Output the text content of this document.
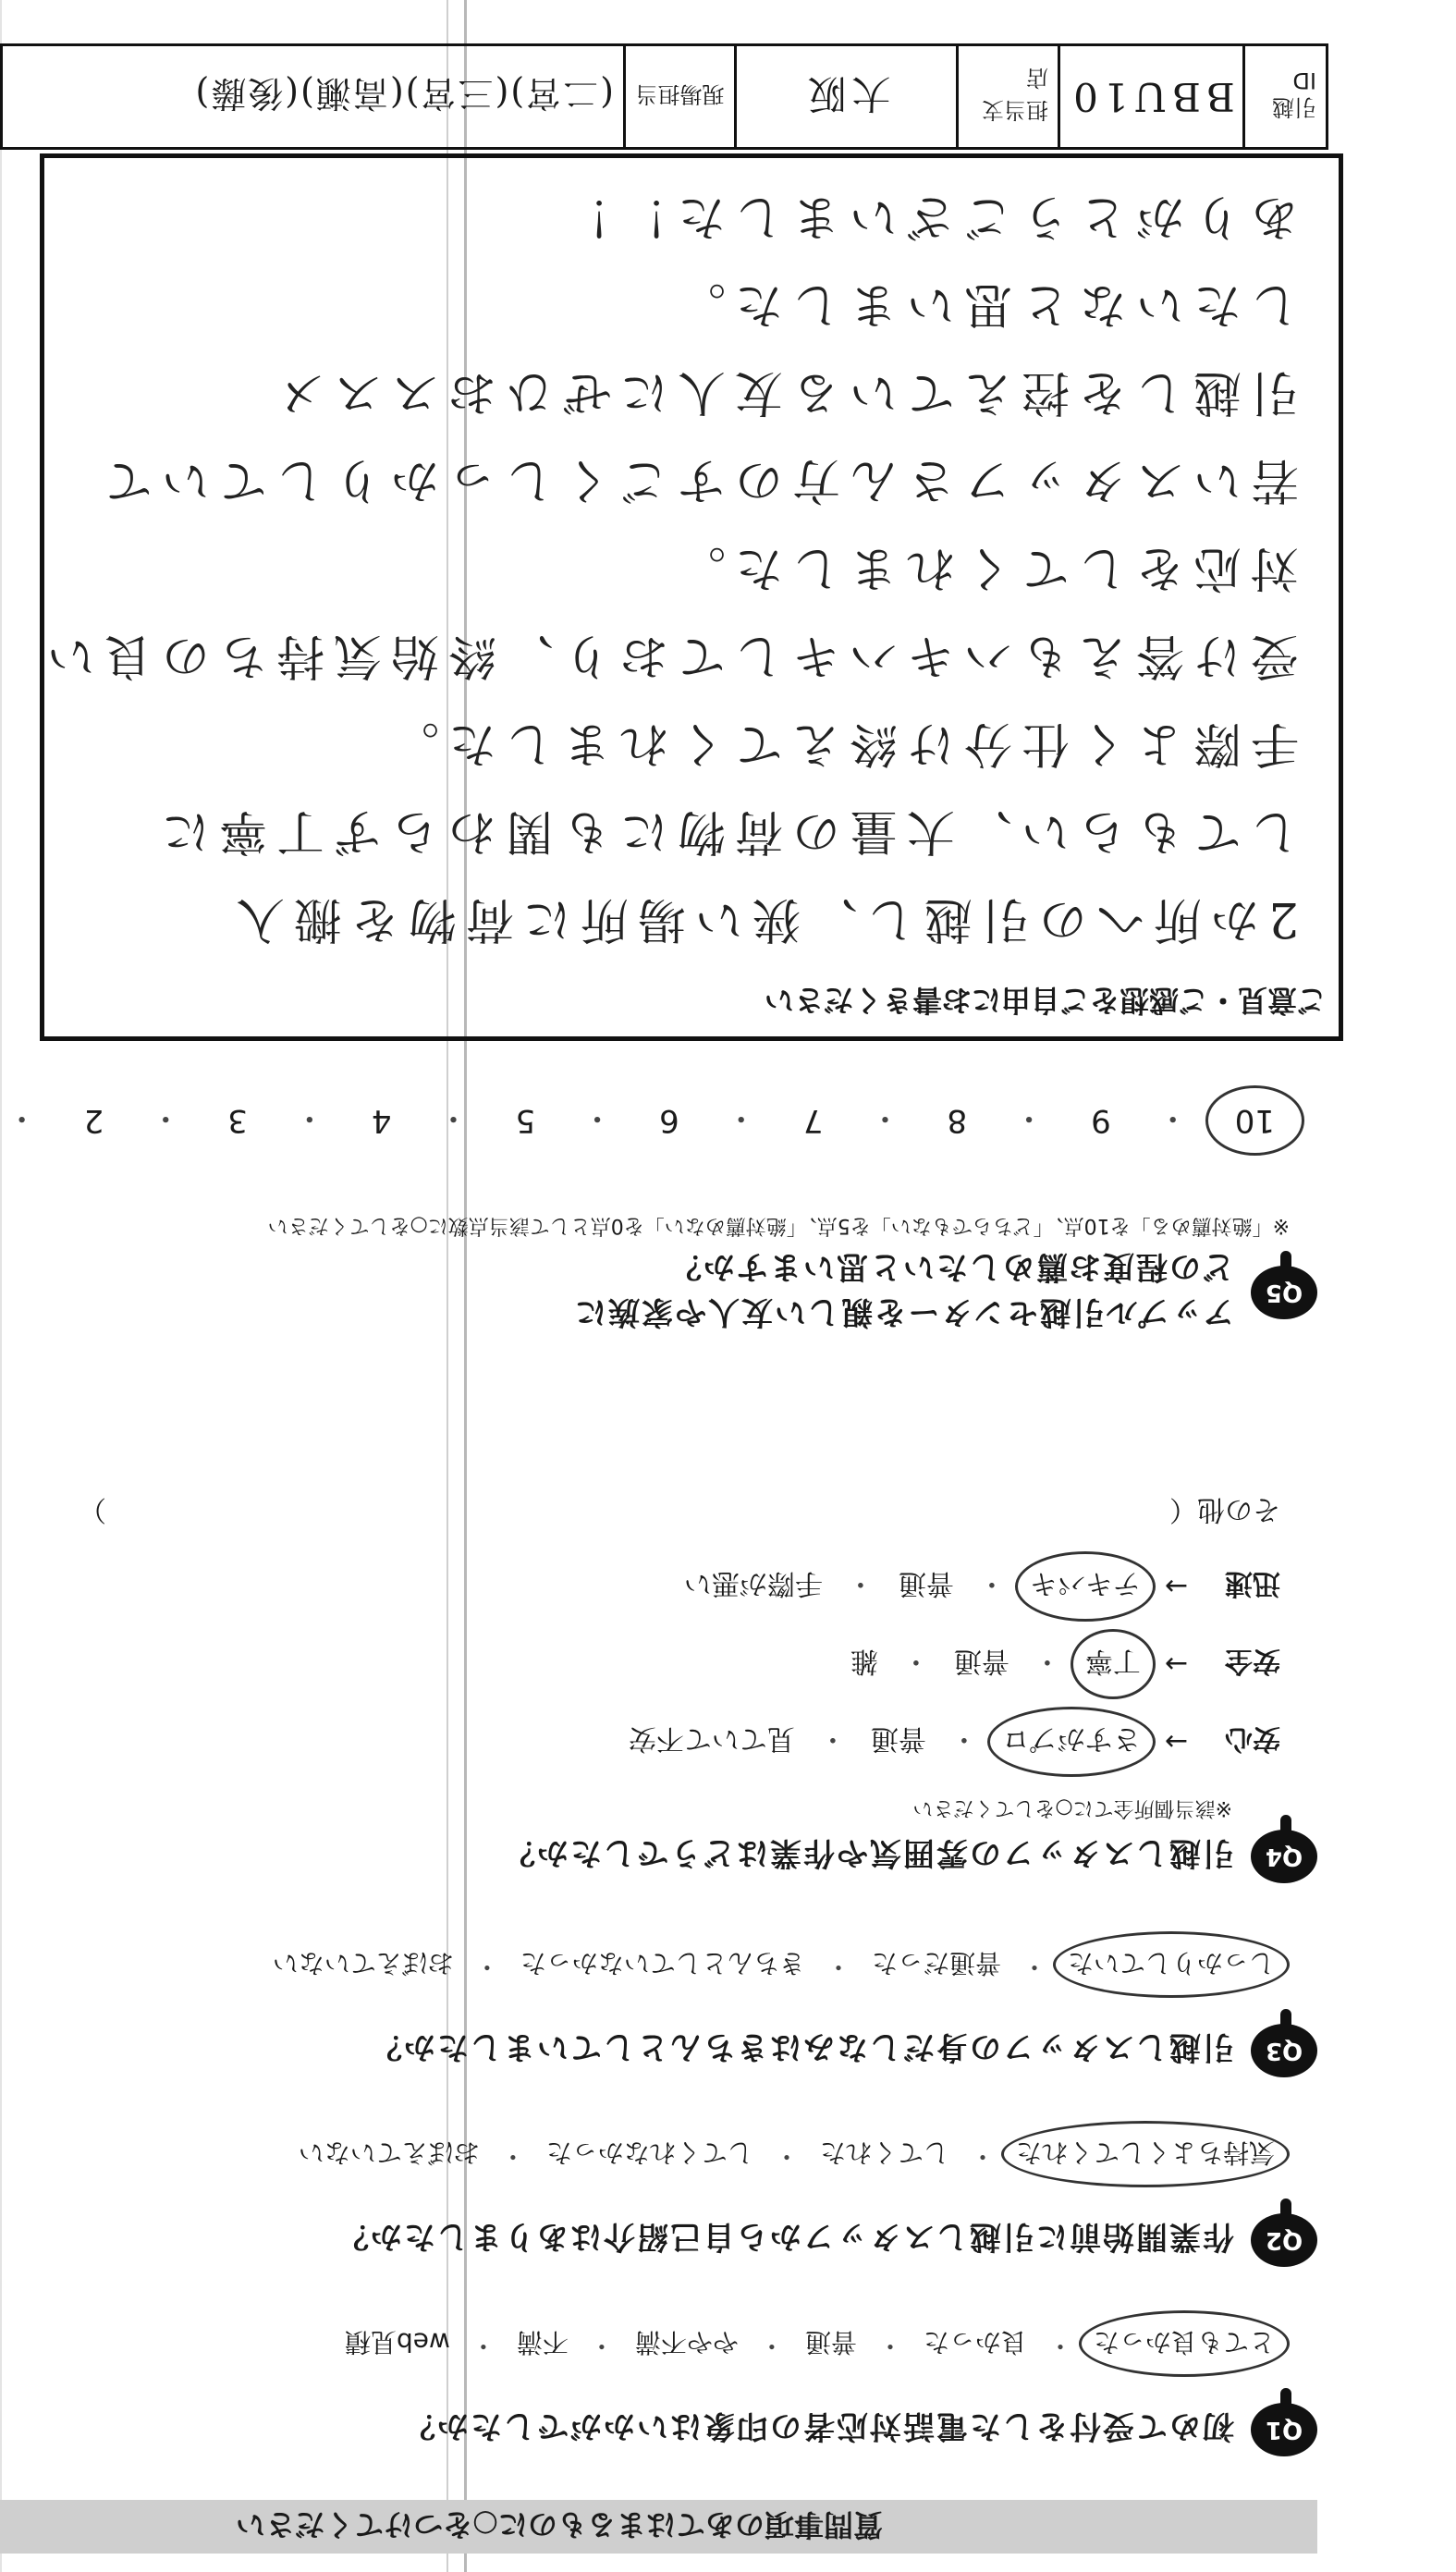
質問事項のあてはまるものに○をつけてください
Q1
初めて受付をした電話対応者の印象はいかがでしたか？
とても良かった
・
良かった
・
普通
・
やや不満
・
不満
・
web見積
Q2
作業開始前に引越しスタッフから自己紹介はありましたか？
気持ちよくしてくれた
・
してくれた
・
してくれなかった
・
おぼえていない
Q3
引越しスタッフの身だしなみはきちんとしていましたか？
しっかりしていた
・
普通だった
・
きちんとしていなかった
・
おぼえていない
Q4
引越しスタッフの雰囲気や作業はどうでしたか？
※該当個所全てに○をしてください
安心
→
さすがプロ
・
普通
・
見ていて不安
安全
→
丁寧
・
普通
・
雑
迅速
→
テキパキ
・
普通
・
手際が悪い
その他（
）
Q5
アップル引越センターを親しい友人や家族に
どの程度お薦めしたいと思いますか？
※「絶対薦める」を10点、「どちらでもない」を5点、「絶対薦めない」を0点として該当点数に○をしてください
10
・
9
・
8
・
7
・
6
・
5
・
4
・
3
・
2
・
ご意見・ご感想をご自由にお書きください
2か所への引越し、狭い場所に荷物を搬入
してもらい、大量の荷物にも関わらず丁寧に
手際よく仕分け終えてくれました。
受け答えもハキハキしており、終始気持ちの良い
対応をしてくれました。
若いスタッフさん方のすごくしっかりしていて
引越しを控えている友人にぜひおススメ
したいなと思いました。
ありがとうございました！！
引越ID
BBU10
担当支店
大阪
現場担当
(二宮)(三宮)(高瀬)(後藤)
